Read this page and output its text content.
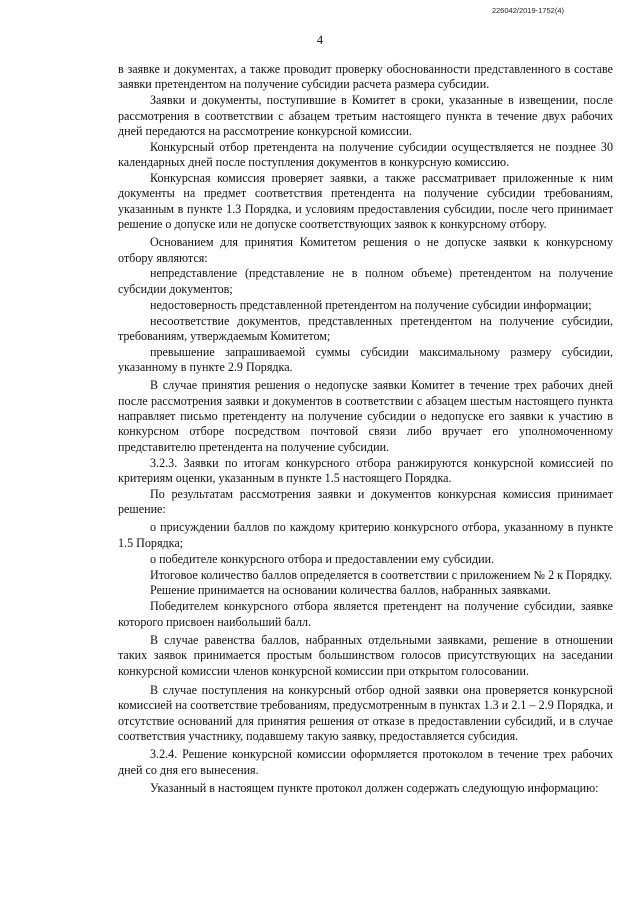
226042/2019-1752(4)
4

в заявке и документах, а также проводит проверку обоснованности представленного в составе заявки претендентом на получение субсидии расчета размера субсидии.

Заявки и документы, поступившие в Комитет в сроки, указанные в извещении, после рассмотрения в соответствии с абзацем третьим настоящего пункта в течение двух рабочих дней передаются на рассмотрение конкурсной комиссии.

Конкурсный отбор претендента на получение субсидии осуществляется не позднее 30 календарных дней после поступления документов в конкурсную комиссию.

Конкурсная комиссия проверяет заявки, а также рассматривает приложенные к ним документы на предмет соответствия претендента на получение субсидии требованиям, указанным в пункте 1.3 Порядка, и условиям предоставления субсидии, после чего принимает решение о допуске или не допуске соответствующих заявок к конкурсному отбору.

Основанием для принятия Комитетом решения о не допуске заявки к конкурсному отбору являются:

непредставление (представление не в полном объеме) претендентом на получение субсидии документов;

недостоверность представленной претендентом на получение субсидии информации;

несоответствие документов, представленных претендентом на получение субсидии, требованиям, утверждаемым Комитетом;

превышение запрашиваемой суммы субсидии максимальному размеру субсидии, указанному в пункте 2.9 Порядка.

В случае принятия решения о недопуске заявки Комитет в течение трех рабочих дней после рассмотрения заявки и документов в соответствии с абзацем шестым настоящего пункта направляет письмо претенденту на получение субсидии о недопуске его заявки к участию в конкурсном отборе посредством почтовой связи либо вручает его уполномоченному представителю претендента на получение субсидии.

3.2.3. Заявки по итогам конкурсного отбора ранжируются конкурсной комиссией по критериям оценки, указанным в пункте 1.5 настоящего Порядка.

По результатам рассмотрения заявки и документов конкурсная комиссия принимает решение:

о присуждении баллов по каждому критерию конкурсного отбора, указанному в пункте 1.5 Порядка;

о победителе конкурсного отбора и предоставлении ему субсидии.

Итоговое количество баллов определяется в соответствии с приложением № 2 к Порядку.

Решение принимается на основании количества баллов, набранных заявками.

Победителем конкурсного отбора является претендент на получение субсидии, заявке которого присвоен наибольший балл.

В случае равенства баллов, набранных отдельными заявками, решение в отношении таких заявок принимается простым большинством голосов присутствующих на заседании конкурсной комиссии членов конкурсной комиссии при открытом голосовании.

В случае поступления на конкурсный отбор одной заявки она проверяется конкурсной комиссией на соответствие требованиям, предусмотренным в пунктах 1.3 и 2.1 – 2.9 Порядка, и отсутствие оснований для принятия решения от отказе в предоставлении субсидий, и в случае соответствия участнику, подавшему такую заявку, предоставляется субсидия.

3.2.4. Решение конкурсной комиссии оформляется протоколом в течение трех рабочих дней со дня его вынесения.

Указанный в настоящем пункте протокол должен содержать следующую информацию:
